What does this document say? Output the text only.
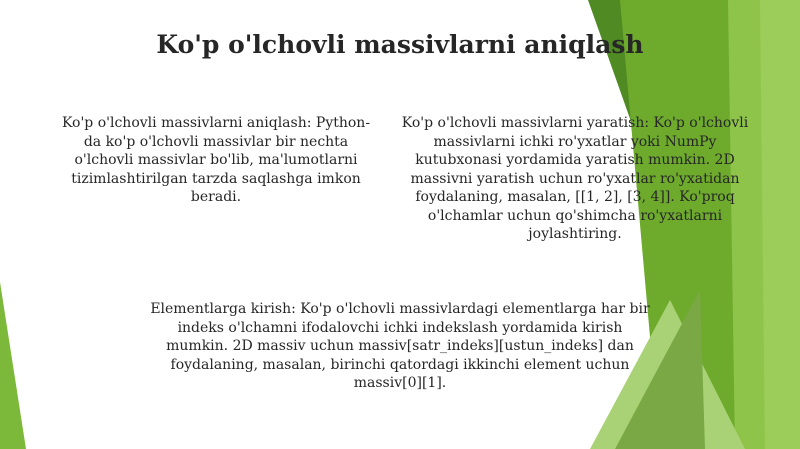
Ko'p o'lchovli massivlarni aniqlash

Ko'p o'lchovli massivlarni aniqlash: Python-da ko'p o'lchovli massivlar bir nechta o'lchovli massivlar bo'lib, ma'lumotlarni tizimlashtirilgan tarzda saqlashga imkon beradi.

Ko'p o'lchovli massivlarni yaratish: Ko'p o'lchovli massivlarni ichki ro'yxatlar yoki NumPy kutubxonasi yordamida yaratish mumkin. 2D massivni yaratish uchun ro'yxatlar ro'yxatidan foydalaning, masalan, [[1, 2], [3, 4]]. Ko'proq o'lchamlar uchun qo'shimcha ro'yxatlarni joylashtiring.

Elementlarga kirish: Ko'p o'lchovli massivlardagi elementlarga har bir indeks o'lchamni ifodalovchi ichki indekslash yordamida kirish mumkin. 2D massiv uchun massiv[satr_indeks][ustun_indeks] dan foydalaning, masalan, birinchi qatordagi ikkinchi element uchun massiv[0][1].
